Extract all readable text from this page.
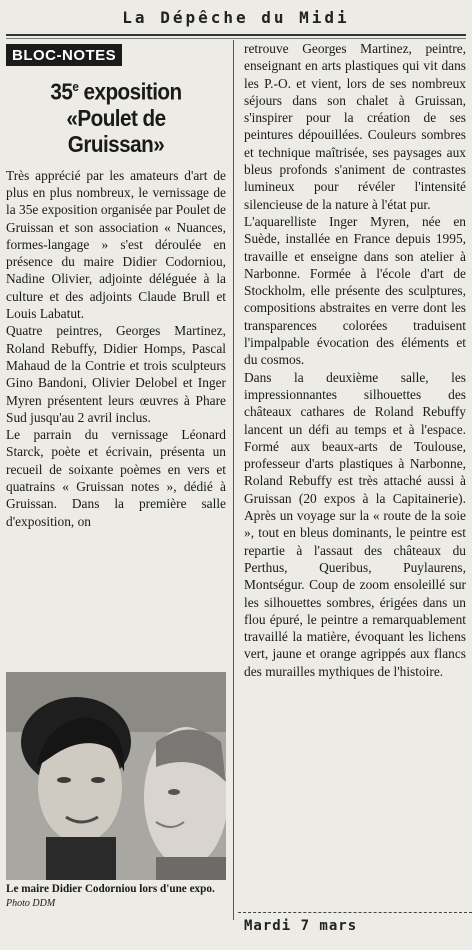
La Dépêche du Midi
BLOC-NOTES
35e exposition
«Poulet de
Gruissan»

Très apprécié par les amateurs d'art de plus en plus nombreux, le vernissage de la 35e exposition organisée par Poulet de Gruissan et son association « Nuances, formes-langage » s'est déroulée en présence du maire Didier Codorniou, Nadine Olivier, adjointe déléguée à la culture et des adjoints Claude Brull et Louis Labatut.

Quatre peintres, Georges Martinez, Roland Rebuffy, Didier Homps, Pascal Mahaud de la Contrie et trois sculpteurs Gino Bandoni, Olivier Delobel et Inger Myren présentent leurs œuvres à Phare Sud jusqu'au 2 avril inclus.

Le parrain du vernissage Léonard Starck, poète et écrivain, présenta un recueil de soixante poèmes en vers et quatrains « Gruissan notes », dédié à Gruissan. Dans la première salle d'exposition, on

retrouve Georges Martinez, peintre, enseignant en arts plastiques qui vit dans les P.-O. et vient, lors de ses nombreux séjours dans son chalet à Gruissan, s'inspirer pour la création de ses peintures dépouillées. Couleurs sombres et technique maîtrisée, ses paysages aux bleus profonds s'animent de contrastes lumineux pour révéler l'intensité silencieuse de la nature à l'état pur.

L'aquarelliste Inger Myren, née en Suède, installée en France depuis 1995, travaille et enseigne dans son atelier à Narbonne. Formée à l'école d'art de Stockholm, elle présente des sculptures, compositions abstraites en verre dont les transparences colorées traduisent l'impalpable évocation des éléments et du cosmos.

Dans la deuxième salle, les impressionnantes silhouettes des châteaux cathares de Roland Rebuffy lancent un défi au temps et à l'espace. Formé aux beaux-arts de Toulouse, professeur d'arts plastiques à Narbonne, Roland Rebuffy est très attaché aussi à Gruissan (20 expos à la Capitainerie). Après un voyage sur la « route de la soie », tout en bleus dominants, le peintre est repartie à l'assaut des châteaux du Perthus, Queribus, Puylaurens, Montségur. Coup de zoom ensoleillé sur les silhouettes sombres, érigées dans un flou épuré, le peintre a remarquablement travaillé la matière, évoquant les lichens vert, jaune et orange agrippés aux flancs des murailles mythiques de l'histoire.

Le maire Didier Codorniou lors d'une expo. Photo DDM
Mardi 7 mars
